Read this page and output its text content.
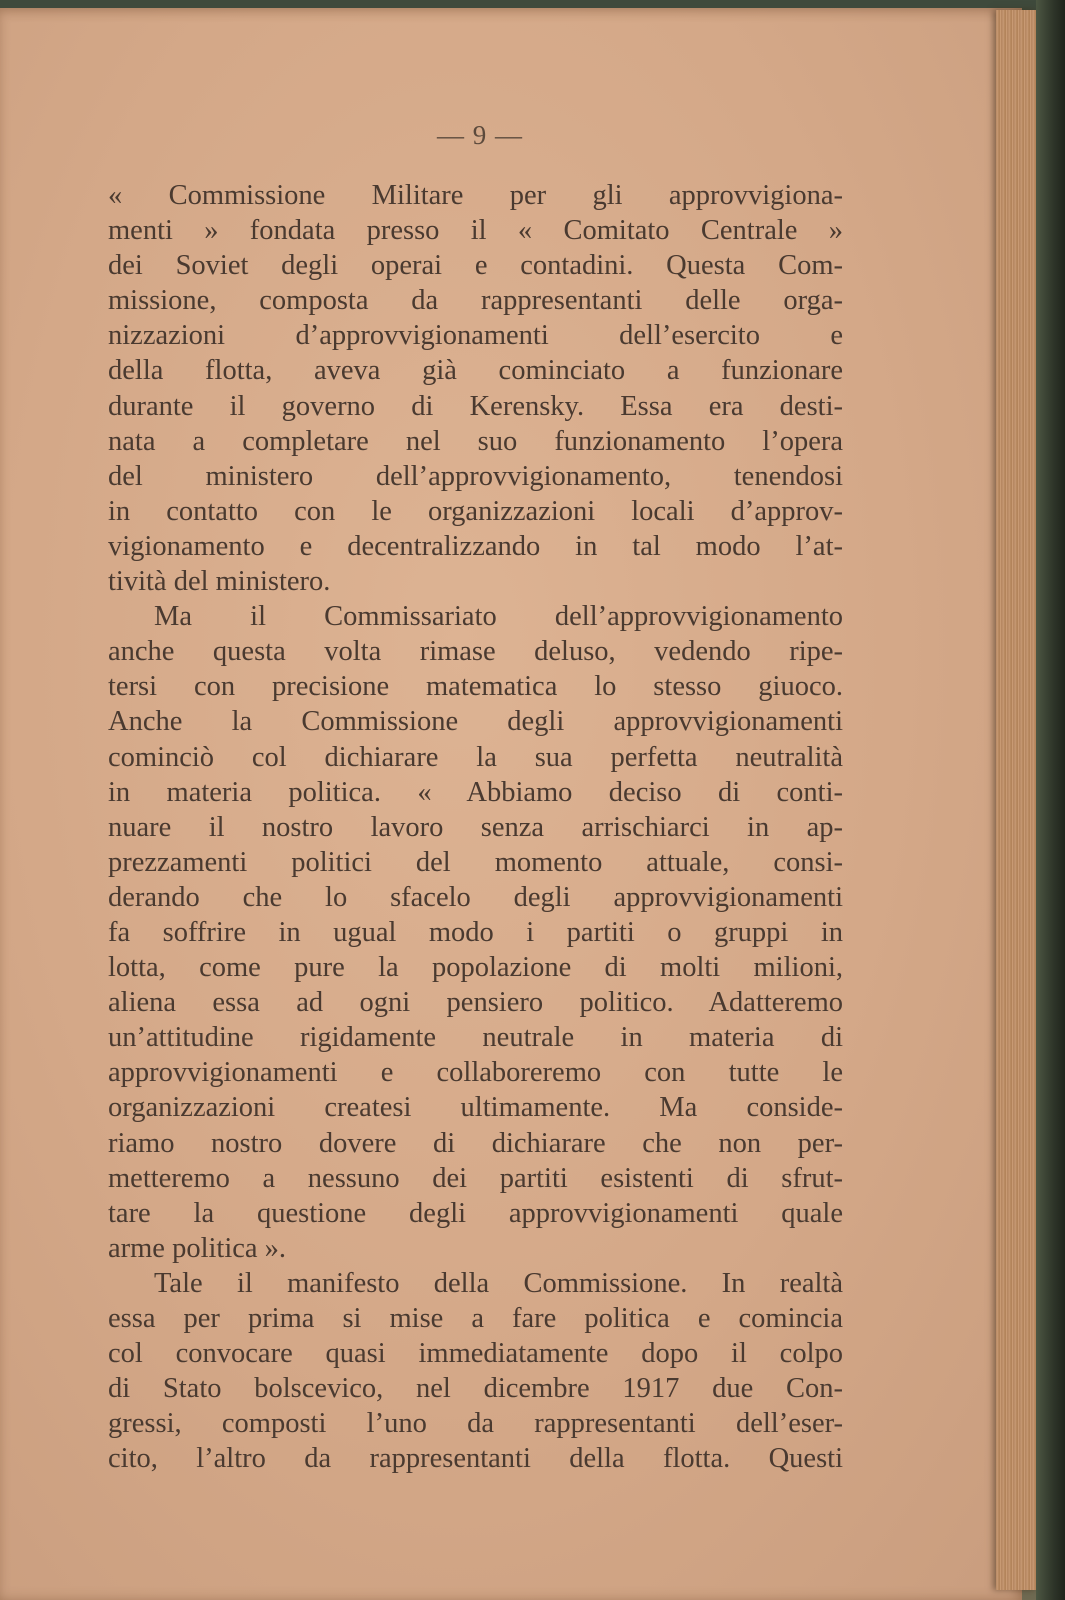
— 9 —

« Commissione Militare per gli approvvigiona-

menti » fondata presso il « Comitato Centrale »

dei Soviet degli operai e contadini. Questa Com-

missione, composta da rappresentanti delle orga-

nizzazioni d’approvvigionamenti dell’esercito e

della flotta, aveva già cominciato a funzionare

durante il governo di Kerensky. Essa era desti-

nata a completare nel suo funzionamento l’opera

del ministero dell’approvvigionamento, tenendosi

in contatto con le organizzazioni locali d’approv-

vigionamento e decentralizzando in tal modo l’at-

tività del ministero.

Ma il Commissariato dell’approvvigionamento

anche questa volta rimase deluso, vedendo ripe-

tersi con precisione matematica lo stesso giuoco.

Anche la Commissione degli approvvigionamenti

cominciò col dichiarare la sua perfetta neutralità

in materia politica. « Abbiamo deciso di conti-

nuare il nostro lavoro senza arrischiarci in ap-

prezzamenti politici del momento attuale, consi-

derando che lo sfacelo degli approvvigionamenti

fa soffrire in ugual modo i partiti o gruppi in

lotta, come pure la popolazione di molti milioni,

aliena essa ad ogni pensiero politico. Adatteremo

un’attitudine rigidamente neutrale in materia di

approvvigionamenti e collaboreremo con tutte le

organizzazioni createsi ultimamente. Ma conside-

riamo nostro dovere di dichiarare che non per-

metteremo a nessuno dei partiti esistenti di sfrut-

tare la questione degli approvvigionamenti quale

arme politica ».

Tale il manifesto della Commissione. In realtà

essa per prima si mise a fare politica e comincia

col convocare quasi immediatamente dopo il colpo

di Stato bolscevico, nel dicembre 1917 due Con-

gressi, composti l’uno da rappresentanti dell’eser-

cito, l’altro da rappresentanti della flotta. Questi
